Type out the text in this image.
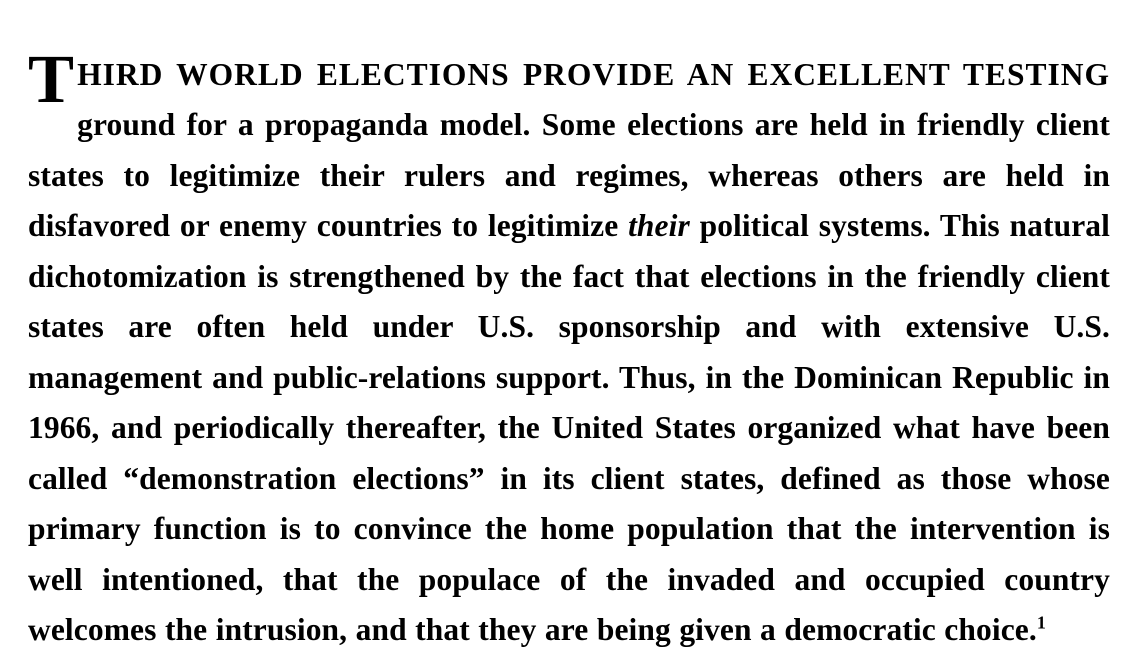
THIRD WORLD ELECTIONS PROVIDE AN EXCELLENT TESTING ground for a propaganda model. Some elections are held in friendly client states to legitimize their rulers and regimes, whereas others are held in disfavored or enemy countries to legitimize their political systems. This natural dichotomization is strengthened by the fact that elections in the friendly client states are often held under U.S. sponsorship and with extensive U.S. management and public-relations support. Thus, in the Dominican Republic in 1966, and periodically thereafter, the United States organized what have been called “demonstration elections” in its client states, defined as those whose primary function is to convince the home population that the intervention is well intentioned, that the populace of the invaded and occupied country welcomes the intrusion, and that they are being given a democratic choice.$^1$
